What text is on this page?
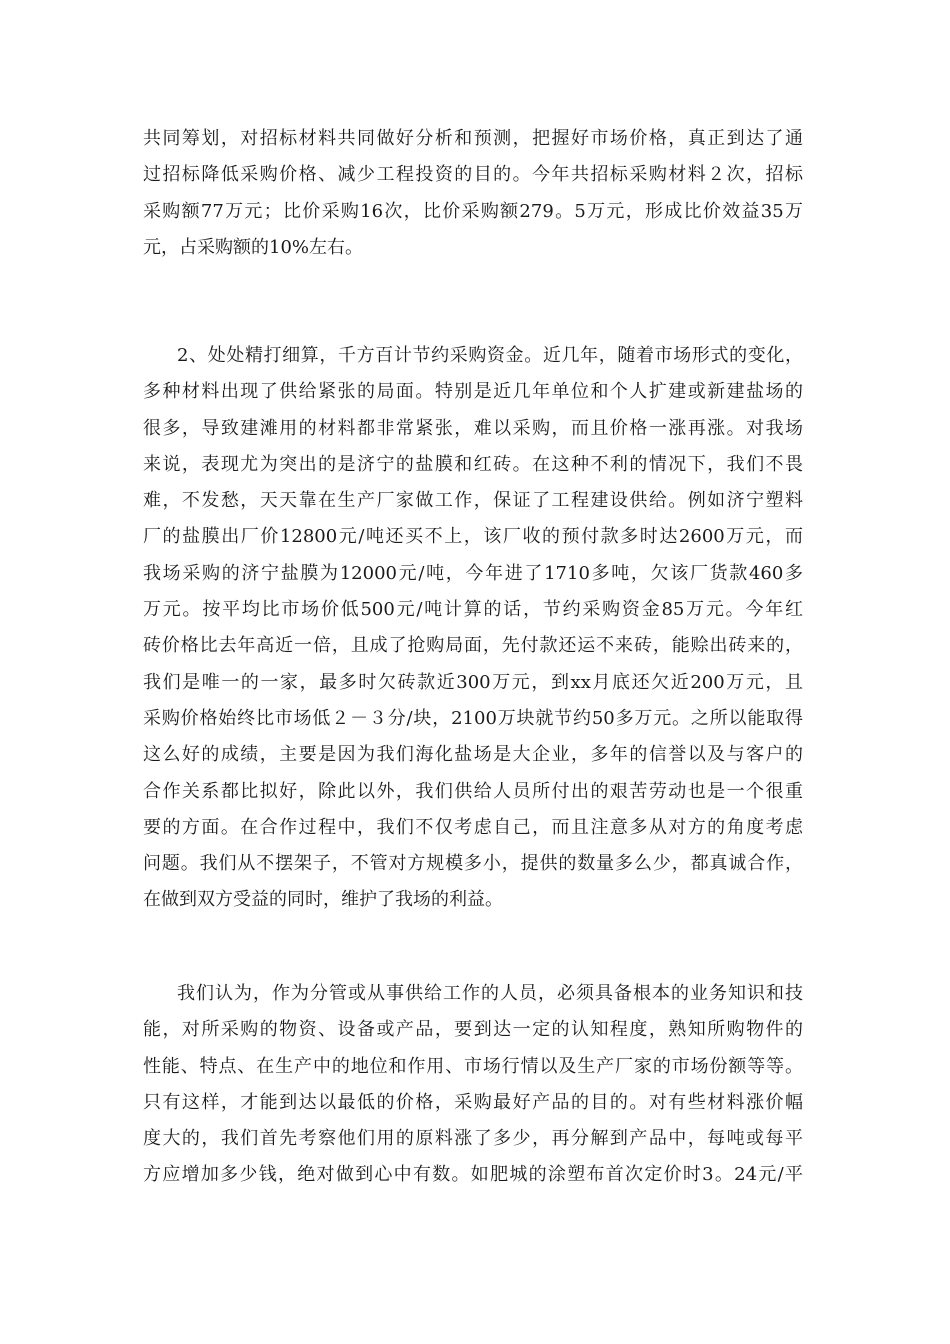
共同筹划，对招标材料共同做好分析和预测，把握好市场价格，真正到达了通
过招标降低采购价格、减少工程投资的目的。今年共招标采购材料２次，招标
采购额77万元；比价采购16次，比价采购额279。5万元，形成比价效益35万
元，占采购额的10%左右。
2、处处精打细算，千方百计节约采购资金。近几年，随着市场形式的变化，
多种材料出现了供给紧张的局面。特别是近几年单位和个人扩建或新建盐场的
很多，导致建滩用的材料都非常紧张，难以采购，而且价格一涨再涨。对我场
来说，表现尤为突出的是济宁的盐膜和红砖。在这种不利的情况下，我们不畏
难，不发愁，天天靠在生产厂家做工作，保证了工程建设供给。例如济宁塑料
厂的盐膜出厂价12800元/吨还买不上，该厂收的预付款多时达2600万元，而
我场采购的济宁盐膜为12000元/吨，今年进了1710多吨，欠该厂货款460多
万元。按平均比市场价低500元/吨计算的话，节约采购资金85万元。今年红
砖价格比去年高近一倍，且成了抢购局面，先付款还运不来砖，能赊出砖来的，
我们是唯一的一家，最多时欠砖款近300万元，到xx月底还欠近200万元，且
采购价格始终比市场低２－３分/块，2100万块就节约50多万元。之所以能取得
这么好的成绩，主要是因为我们海化盐场是大企业，多年的信誉以及与客户的
合作关系都比拟好，除此以外，我们供给人员所付出的艰苦劳动也是一个很重
要的方面。在合作过程中，我们不仅考虑自己，而且注意多从对方的角度考虑
问题。我们从不摆架子，不管对方规模多小，提供的数量多么少，都真诚合作，
在做到双方受益的同时，维护了我场的利益。
我们认为，作为分管或从事供给工作的人员，必须具备根本的业务知识和技
能，对所采购的物资、设备或产品，要到达一定的认知程度，熟知所购物件的
性能、特点、在生产中的地位和作用、市场行情以及生产厂家的市场份额等等。
只有这样，才能到达以最低的价格，采购最好产品的目的。对有些材料涨价幅
度大的，我们首先考察他们用的原料涨了多少，再分解到产品中，每吨或每平
方应增加多少钱，绝对做到心中有数。如肥城的涂塑布首次定价时3。24元/平
